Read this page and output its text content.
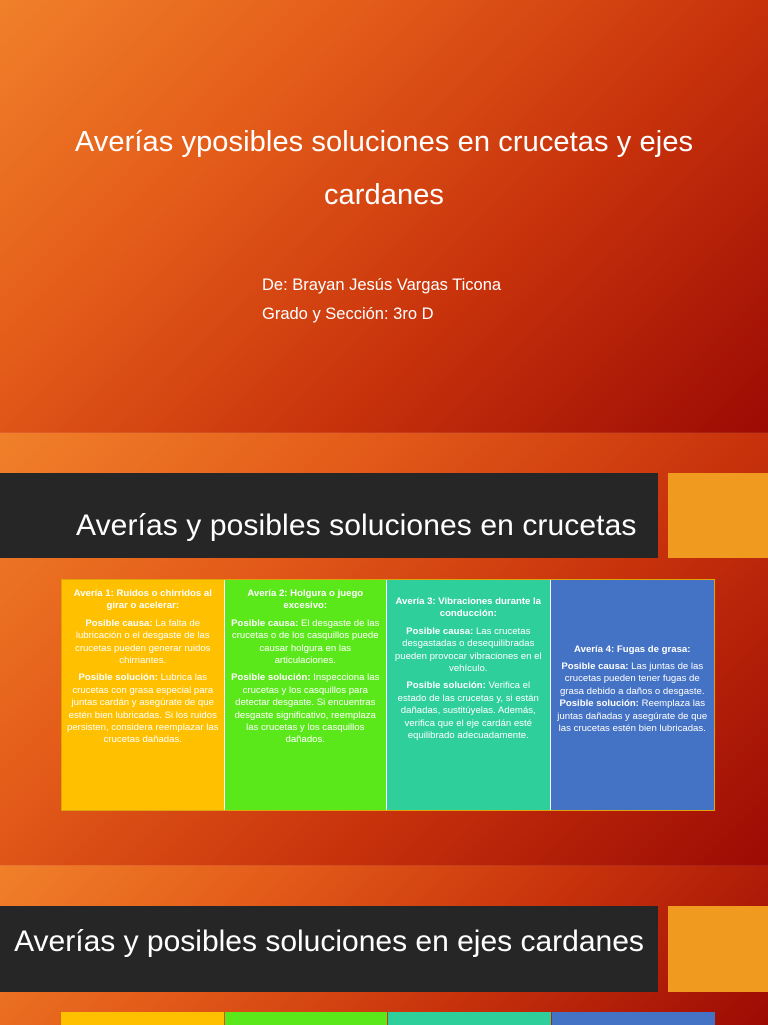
Averías yposibles soluciones en crucetas y ejes cardanes
De: Brayan Jesús Vargas Ticona
Grado y Sección: 3ro D
Averías y posibles soluciones en crucetas

Avería 1: Ruidos o chirridos al girar o acelerar:

Posible causa: La falta de lubricación o el desgaste de las crucetas pueden generar ruidos chirriantes.

Posible solución: Lubrica las crucetas con grasa especial para juntas cardán y asegúrate de que estén bien lubricadas. Si los ruidos persisten, considera reemplazar las crucetas dañadas.

Avería 2: Holgura o juego excesivo:

Posible causa: El desgaste de las crucetas o de los casquillos puede causar holgura en las articulaciones.

Posible solución: Inspecciona las crucetas y los casquillos para detectar desgaste. Si encuentras desgaste significativo, reemplaza las crucetas y los casquillos dañados.

Avería 3: Vibraciones durante la conducción:

Posible causa: Las crucetas desgastadas o desequilibradas pueden provocar vibraciones en el vehículo.

Posible solución: Verifica el estado de las crucetas y, si están dañadas, sustitúyelas. Además, verifica que el eje cardán esté equilibrado adecuadamente.

Avería 4: Fugas de grasa:

Posible causa: Las juntas de las crucetas pueden tener fugas de grasa debido a daños o desgaste.

Posible solución: Reemplaza las juntas dañadas y asegúrate de que las crucetas estén bien lubricadas.

Averías y posibles soluciones en ejes cardanes
